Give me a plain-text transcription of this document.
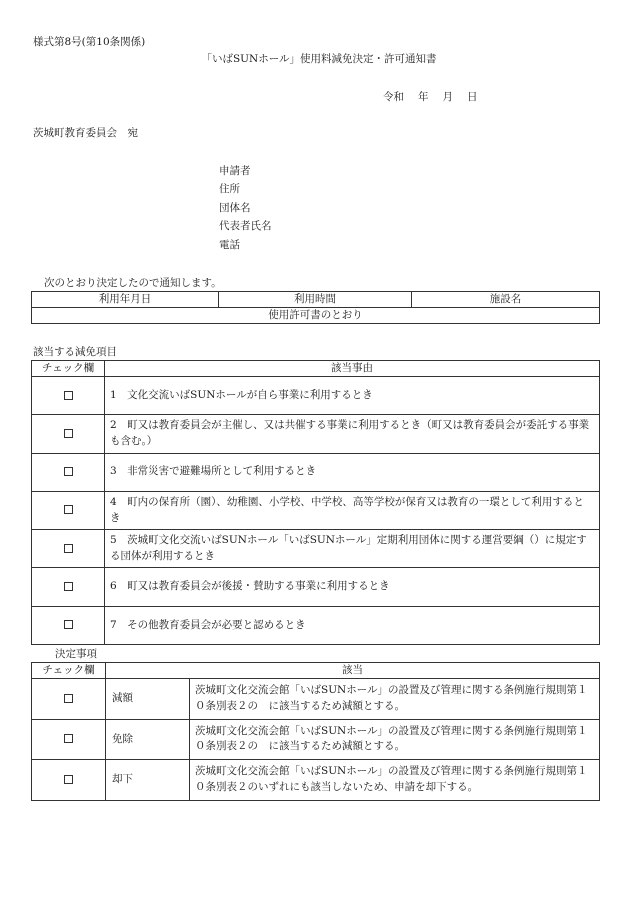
様式第8号(第10条関係)
「いばSUNホール」使用料減免決定・許可通知書
令和 年 月 日
茨城町教育委員会　宛
申請者
住所
団体名
代表者氏名
電話
次のとおり決定したので通知します。
利用年月日	利用時間	施設名
使用許可書のとおり
該当する減免項目
チェック欄	該当事由
	1　文化交流いばSUNホールが自ら事業に利用するとき
	2　町又は教育委員会が主催し、又は共催する事業に利用するとき（町又は教育委員会が委託する事業も含む。）
	3　非常災害で避難場所として利用するとき
	4　町内の保育所（園）、幼稚園、小学校、中学校、高等学校が保育又は教育の一環として利用するとき
	5　茨城町文化交流いばSUNホール「いばSUNホール」定期利用団体に関する運営要綱（）に規定する団体が利用するとき
	6　町又は教育委員会が後援・賛助する事業に利用するとき
	7　その他教育委員会が必要と認めるとき
決定事項
チェック欄	該当	
	減額	茨城町文化交流会館「いばSUNホール」の設置及び管理に関する条例施行規則第１０条別表２の　に該当するため減額とする。
	免除	茨城町文化交流会館「いばSUNホール」の設置及び管理に関する条例施行規則第１０条別表２の　に該当するため減額とする。
	却下	茨城町文化交流会館「いばSUNホール」の設置及び管理に関する条例施行規則第１０条別表２のいずれにも該当しないため、申請を却下する。
